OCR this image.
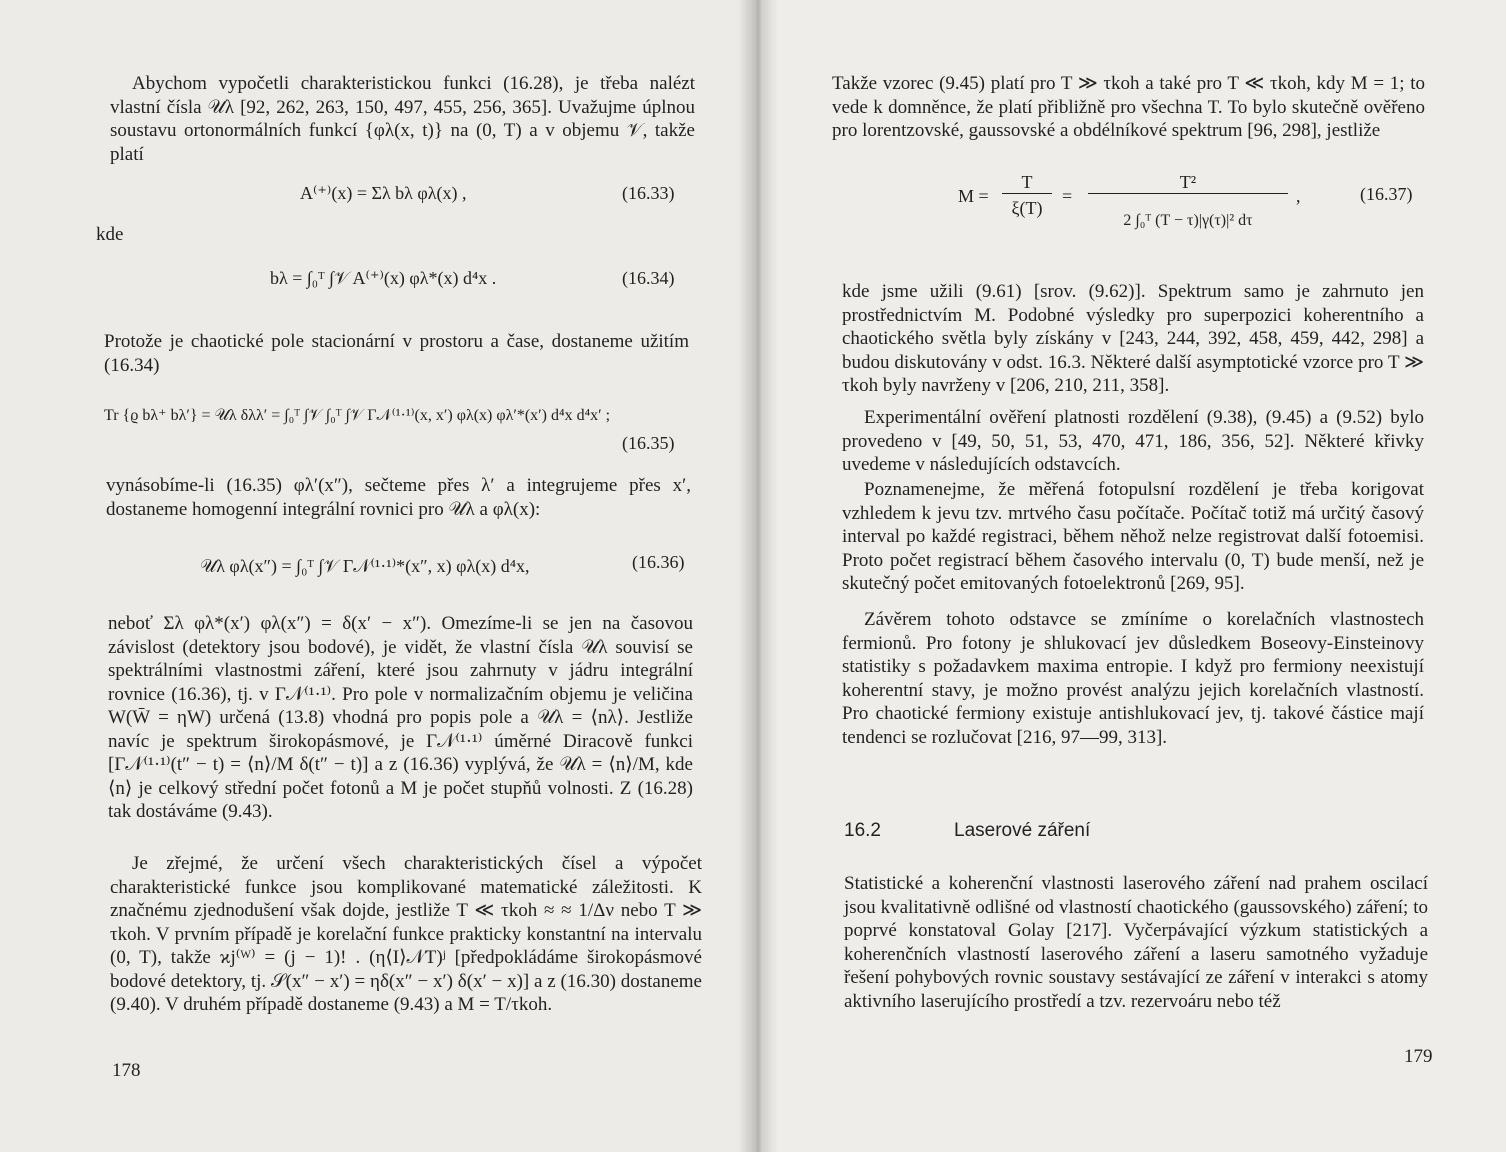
Abychom vypočetli charakteristickou funkci (16.28), je třeba nalézt vlastní čísla 𝒰λ [92, 262, 263, 150, 497, 455, 256, 365]. Uvažujme úplnou soustavu ortonormálních funkcí {φλ(x, t)} na (0, T) a v objemu 𝒱, takže platí

A⁽⁺⁾(x) = Σλ bλ φλ(x) ,	(16.33)
kde
bλ = ∫₀ᵀ ∫𝒱 A⁽⁺⁾(x) φλ*(x) d⁴x .	(16.34)

Protože je chaotické pole stacionární v prostoru a čase, dostaneme užitím (16.34)

Tr {ϱ bλ⁺ bλ′} = 𝒰λ δλλ′ = ∫₀ᵀ ∫𝒱 ∫₀ᵀ ∫𝒱 Γ𝒩⁽¹·¹⁾(x, x′) φλ(x) φλ′*(x′) d⁴x d⁴x′ ;
(16.35)

vynásobíme-li (16.35) φλ′(x″), sečteme přes λ′ a integrujeme přes x′, dostaneme homogenní integrální rovnici pro 𝒰λ a φλ(x):

𝒰λ φλ(x″) = ∫₀ᵀ ∫𝒱 Γ𝒩⁽¹·¹⁾*(x″, x) φλ(x) d⁴x,	(16.36)

neboť Σλ φλ*(x′) φλ(x″) = δ(x′ − x″). Omezíme-li se jen na časovou závislost (detektory jsou bodové), je vidět, že vlastní čísla 𝒰λ souvisí se spektrálními vlastnostmi záření, které jsou zahrnuty v jádru integrální rovnice (16.36), tj. v Γ𝒩⁽¹·¹⁾. Pro pole v normalizačním objemu je veličina W(W̄ = ηW) určená (13.8) vhodná pro popis pole a 𝒰λ = ⟨nλ⟩. Jestliže navíc je spektrum širokopásmové, je Γ𝒩⁽¹·¹⁾ úměrné Diracově funkci [Γ𝒩⁽¹·¹⁾(t″ − t) = ⟨n⟩/M δ(t″ − t)] a z (16.36) vyplývá, že 𝒰λ = ⟨n⟩/M, kde ⟨n⟩ je celkový střední počet fotonů a M je počet stupňů volnosti. Z (16.28) tak dostáváme (9.43).

Je zřejmé, že určení všech charakteristických čísel a výpočet charakteristické funkce jsou komplikované matematické záležitosti. K značnému zjednodušení však dojde, jestliže T ≪ τkoh ≈ ≈ 1/Δν nebo T ≫ τkoh. V prvním případě je korelační funkce prakticky konstantní na intervalu (0, T), takže ϰj⁽ᵂ⁾ = (j − 1)! . (η⟨I⟩𝒩T)ʲ [předpokládáme širokopásmové bodové detektory, tj. 𝒮(x″ − x′) = ηδ(x″ − x′) δ(x′ − x)] a z (16.30) dostaneme (9.40). V druhém případě dostaneme (9.43) a M = T/τkoh.

178

Takže vzorec (9.45) platí pro T ≫ τkoh a také pro T ≪ τkoh, kdy M = 1; to vede k domněnce, že platí přibližně pro všechna T. To bylo skutečně ověřeno pro lorentzovské, gaussovské a obdélníkové spektrum [96, 298], jestliže

M =
T
ξ(T)
=
T²
2 ∫₀ᵀ (T − τ)|γ(τ)|² dτ
,	(16.37)

kde jsme užili (9.61) [srov. (9.62)]. Spektrum samo je zahrnuto jen prostřednictvím M. Podobné výsledky pro superpozici koherentního a chaotického světla byly získány v [243, 244, 392, 458, 459, 442, 298] a budou diskutovány v odst. 16.3. Některé další asymptotické vzorce pro T ≫ τkoh byly navrženy v [206, 210, 211, 358].

Experimentální ověření platnosti rozdělení (9.38), (9.45) a (9.52) bylo provedeno v [49, 50, 51, 53, 470, 471, 186, 356, 52]. Některé křivky uvedeme v následujících odstavcích.

Poznamenejme, že měřená fotopulsní rozdělení je třeba korigovat vzhledem k jevu tzv. mrtvého času počítače. Počítač totiž má určitý časový interval po každé registraci, během něhož nelze registrovat další fotoemisi. Proto počet registrací během časového intervalu (0, T) bude menší, než je skutečný počet emitovaných fotoelektronů [269, 95].

Závěrem tohoto odstavce se zmíníme o korelačních vlastnostech fermionů. Pro fotony je shlukovací jev důsledkem Boseovy-Einsteinovy statistiky s požadavkem maxima entropie. I když pro fermiony neexistují koherentní stavy, je možno provést analýzu jejich korelačních vlastností. Pro chaotické fermiony existuje antishlukovací jev, tj. takové částice mají tendenci se rozlučovat [216, 97—99, 313].

16.2	Laserové záření

Statistické a koherenční vlastnosti laserového záření nad prahem oscilací jsou kvalitativně odlišné od vlastností chaotického (gaussovského) záření; to poprvé konstatoval Golay [217]. Vyčerpávající výzkum statistických a koherenčních vlastností laserového záření a laseru samotného vyžaduje řešení pohybových rovnic soustavy sestávající ze záření v interakci s atomy aktivního laserujícího prostředí a tzv. rezervoáru nebo též

179
